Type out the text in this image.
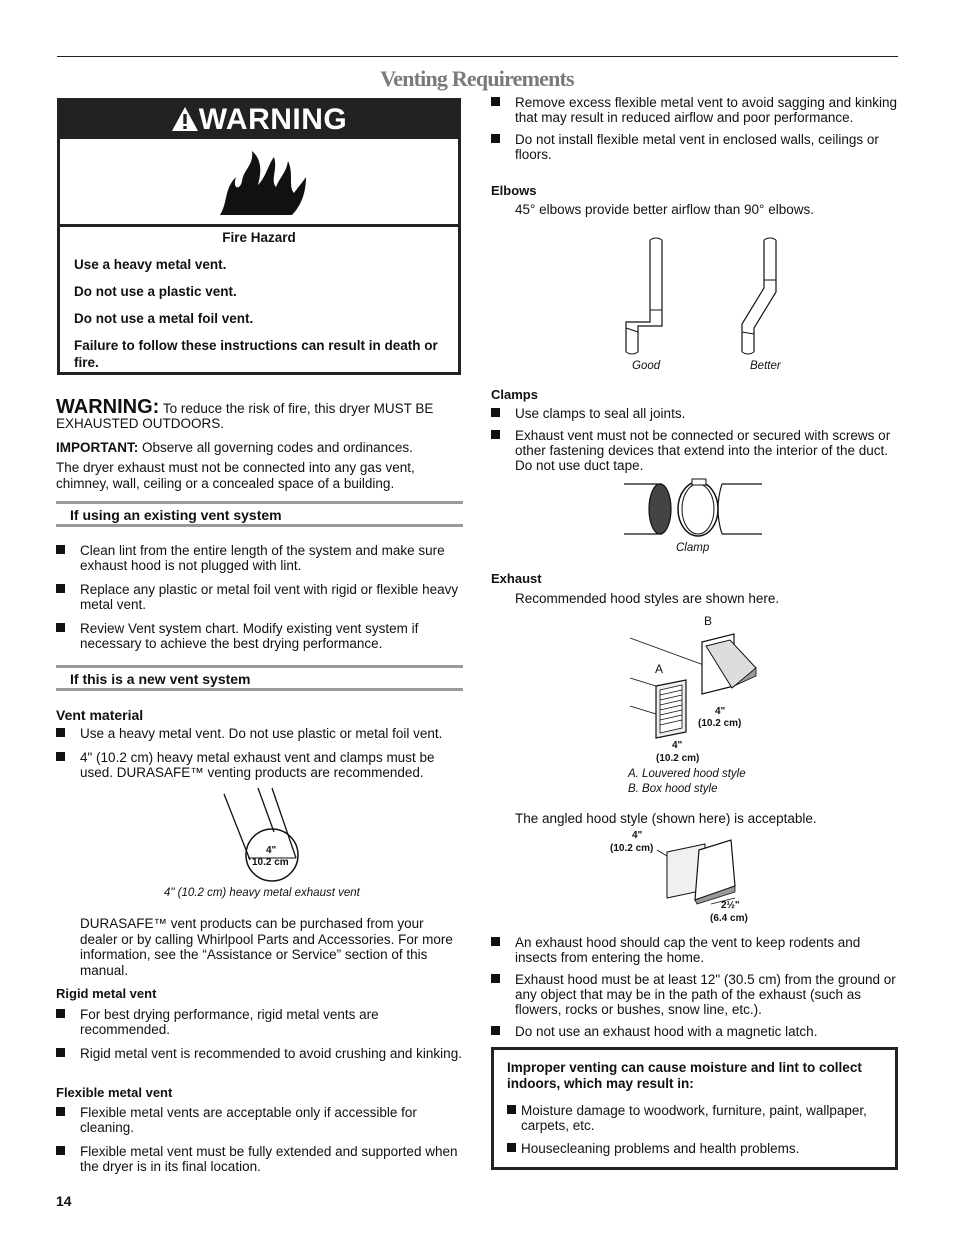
Venting Requirements
WARNING

Fire Hazard

Use a heavy metal vent.

Do not use a plastic vent.

Do not use a metal foil vent.

Failure to follow these instructions can result in death or fire.

WARNING: To reduce the risk of fire, this dryer MUST BE EXHAUSTED OUTDOORS.
IMPORTANT: Observe all governing codes and ordinances.
The dryer exhaust must not be connected into any gas vent, chimney, wall, ceiling or a concealed space of a building.
If using an existing vent system
Clean lint from the entire length of the system and make sure exhaust hood is not plugged with lint.
Replace any plastic or metal foil vent with rigid or flexible heavy metal vent.
Review Vent system chart. Modify existing vent system if necessary to achieve the best drying performance.
If this is a new vent system
Vent material
Use a heavy metal vent. Do not use plastic or metal foil vent.
4" (10.2 cm) heavy metal exhaust vent and clamps must be used. DURASAFE™ venting products are recommended.
4"
10.2 cm
4" (10.2 cm) heavy metal exhaust vent
DURASAFE™ vent products can be purchased from your dealer or by calling Whirlpool Parts and Accessories. For more information, see the “Assistance or Service” section of this manual.
Rigid metal vent
For best drying performance, rigid metal vents are recommended.
Rigid metal vent is recommended to avoid crushing and kinking.
Flexible metal vent
Flexible metal vents are acceptable only if accessible for cleaning.
Flexible metal vent must be fully extended and supported when the dryer is in its final location.
14
Remove excess flexible metal vent to avoid sagging and kinking that may result in reduced airflow and poor performance.
Do not install flexible metal vent in enclosed walls, ceilings or floors.
Elbows
45° elbows provide better airflow than 90° elbows.
Good	Better
Clamps
Use clamps to seal all joints.
Exhaust vent must not be connected or secured with screws or other fastening devices that extend into the interior of the duct. Do not use duct tape.
Clamp
Exhaust
Recommended hood styles are shown here.
B
A
4"
(10.2 cm)
4"
(10.2 cm)
A. Louvered hood style
B. Box hood style
The angled hood style (shown here) is acceptable.
4"
(10.2 cm)
2½"
(6.4 cm)
An exhaust hood should cap the vent to keep rodents and insects from entering the home.
Exhaust hood must be at least 12" (30.5 cm) from the ground or any object that may be in the path of the exhaust (such as flowers, rocks or bushes, snow line, etc.).
Do not use an exhaust hood with a magnetic latch.
Improper venting can cause moisture and lint to collect indoors, which may result in:
Moisture damage to woodwork, furniture, paint, wallpaper, carpets, etc.
Housecleaning problems and health problems.
